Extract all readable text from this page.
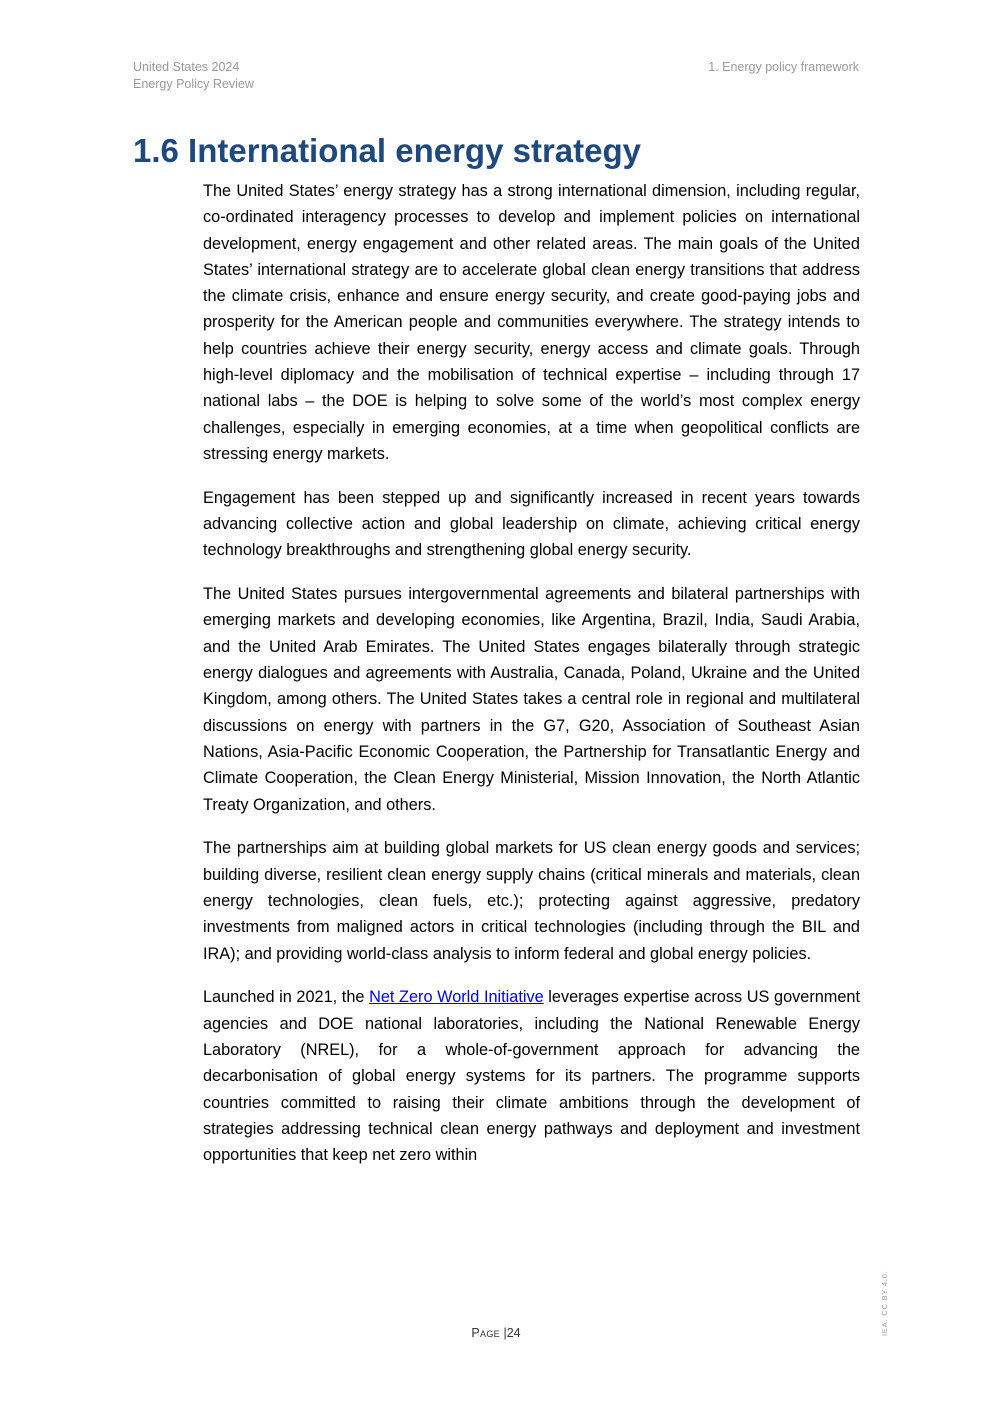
United States 2024
Energy Policy Review
1. Energy policy framework
1.6 International energy strategy

The United States’ energy strategy has a strong international dimension, including regular, co-ordinated interagency processes to develop and implement policies on international development, energy engagement and other related areas. The main goals of the United States’ international strategy are to accelerate global clean energy transitions that address the climate crisis, enhance and ensure energy security, and create good-paying jobs and prosperity for the American people and communities everywhere. The strategy intends to help countries achieve their energy security, energy access and climate goals. Through high-level diplomacy and the mobilisation of technical expertise – including through 17 national labs – the DOE is helping to solve some of the world’s most complex energy challenges, especially in emerging economies, at a time when geopolitical conflicts are stressing energy markets.

Engagement has been stepped up and significantly increased in recent years towards advancing collective action and global leadership on climate, achieving critical energy technology breakthroughs and strengthening global energy security.

The United States pursues intergovernmental agreements and bilateral partnerships with emerging markets and developing economies, like Argentina, Brazil, India, Saudi Arabia, and the United Arab Emirates. The United States engages bilaterally through strategic energy dialogues and agreements with Australia, Canada, Poland, Ukraine and the United Kingdom, among others. The United States takes a central role in regional and multilateral discussions on energy with partners in the G7, G20, Association of Southeast Asian Nations, Asia-Pacific Economic Cooperation, the Partnership for Transatlantic Energy and Climate Cooperation, the Clean Energy Ministerial, Mission Innovation, the North Atlantic Treaty Organization, and others.

The partnerships aim at building global markets for US clean energy goods and services; building diverse, resilient clean energy supply chains (critical minerals and materials, clean energy technologies, clean fuels, etc.); protecting against aggressive, predatory investments from maligned actors in critical technologies (including through the BIL and IRA); and providing world-class analysis to inform federal and global energy policies.

Launched in 2021, the Net Zero World Initiative leverages expertise across US government agencies and DOE national laboratories, including the National Renewable Energy Laboratory (NREL), for a whole-of-government approach for advancing the decarbonisation of global energy systems for its partners. The programme supports countries committed to raising their climate ambitions through the development of strategies addressing technical clean energy pathways and deployment and investment opportunities that keep net zero within

IEA. CC BY 4.0.
Page |24
